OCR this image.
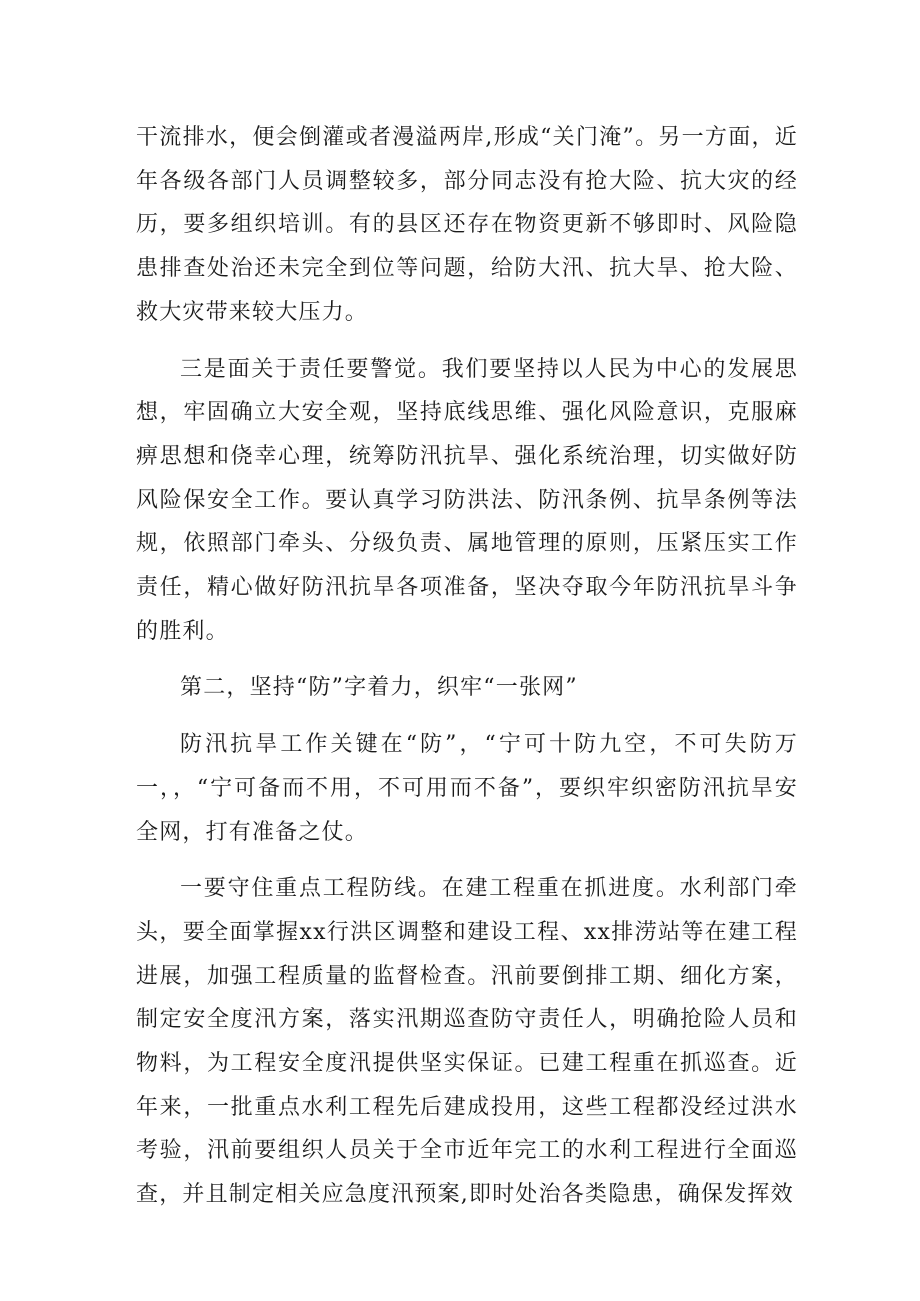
干流排水，便会倒灌或者漫溢两岸,形成“关门淹”。另一方面，近年各级各部门人员调整较多，部分同志没有抢大险、抗大灾的经历，要多组织培训。有的县区还存在物资更新不够即时、风险隐患排查处治还未完全到位等问题，给防大汛、抗大旱、抢大险、救大灾带来较大压力。

三是面关于责任要警觉。我们要坚持以人民为中心的发展思想，牢固确立大安全观，坚持底线思维、强化风险意识，克服麻痹思想和侥幸心理，统筹防汛抗旱、强化系统治理，切实做好防风险保安全工作。要认真学习防洪法、防汛条例、抗旱条例等法规，依照部门牵头、分级负责、属地管理的原则，压紧压实工作责任，精心做好防汛抗旱各项准备，坚决夺取今年防汛抗旱斗争的胜利。

第二，坚持“防”字着力，织牢“一张网”

防汛抗旱工作关键在“防”，“宁可十防九空，不可失防万一，，“宁可备而不用，不可用而不备”，要织牢织密防汛抗旱安全网，打有准备之仗。

一要守住重点工程防线。在建工程重在抓进度。水利部门牵头，要全面掌握xx行洪区调整和建设工程、xx排涝站等在建工程进展，加强工程质量的监督检查。汛前要倒排工期、细化方案，制定安全度汛方案，落实汛期巡查防守责任人，明确抢险人员和物料，为工程安全度汛提供坚实保证。已建工程重在抓巡查。近年来，一批重点水利工程先后建成投用，这些工程都没经过洪水考验，汛前要组织人员关于全市近年完工的水利工程进行全面巡查，并且制定相关应急度汛预案,即时处治各类隐患，确保发挥效
